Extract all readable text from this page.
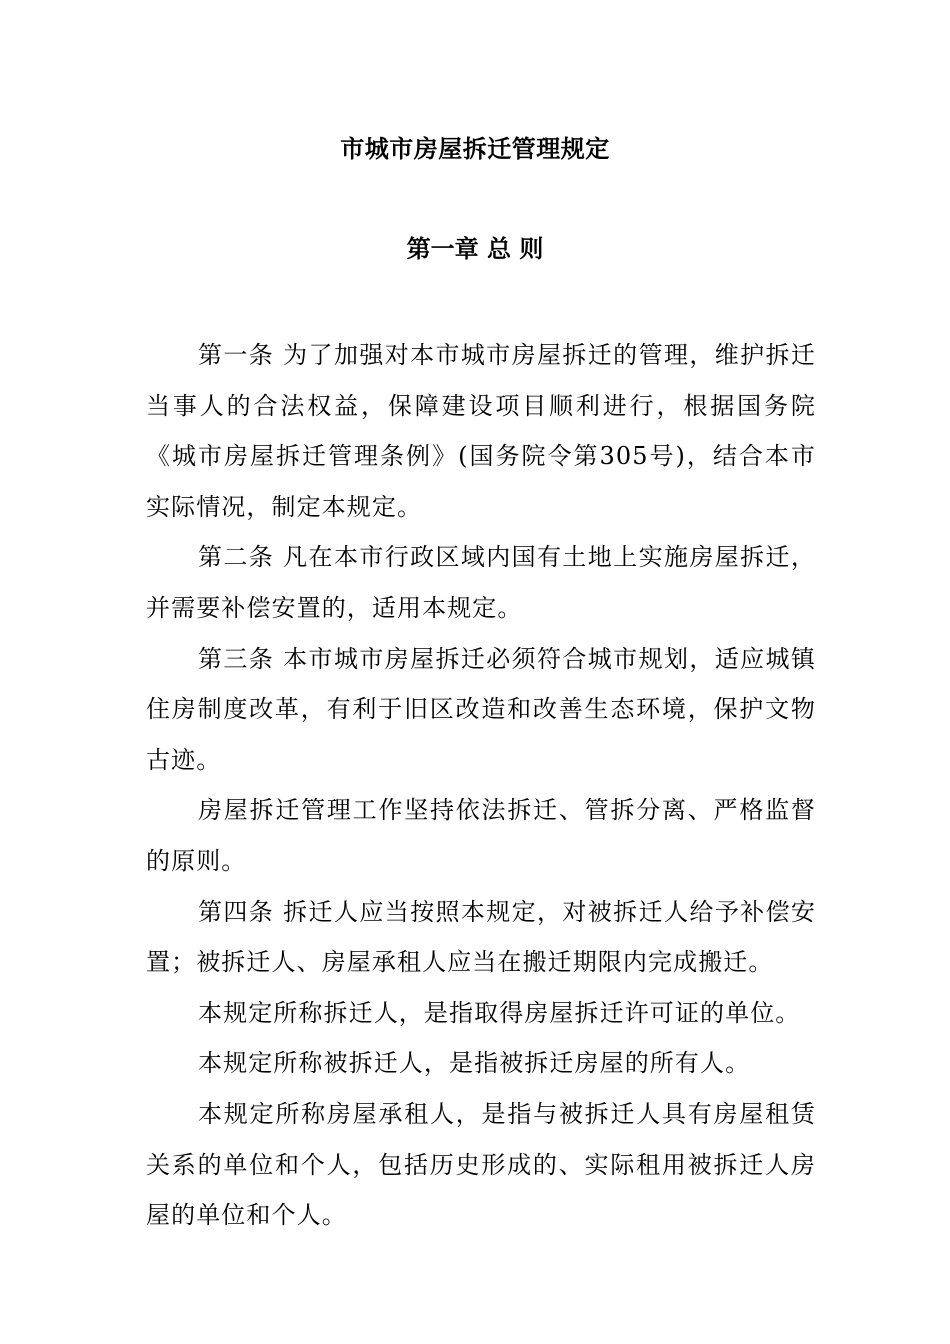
市城市房屋拆迁管理规定
第一章 总 则

第一条 为了加强对本市城市房屋拆迁的管理，维护拆迁当事人的合法权益，保障建设项目顺利进行，根据国务院《城市房屋拆迁管理条例》(国务院令第305号)，结合本市实际情况，制定本规定。

第二条 凡在本市行政区域内国有土地上实施房屋拆迁，并需要补偿安置的，适用本规定。

第三条 本市城市房屋拆迁必须符合城市规划，适应城镇住房制度改革，有利于旧区改造和改善生态环境，保护文物古迹。

房屋拆迁管理工作坚持依法拆迁、管拆分离、严格监督的原则。

第四条 拆迁人应当按照本规定，对被拆迁人给予补偿安置；被拆迁人、房屋承租人应当在搬迁期限内完成搬迁。

本规定所称拆迁人，是指取得房屋拆迁许可证的单位。

本规定所称被拆迁人，是指被拆迁房屋的所有人。

本规定所称房屋承租人，是指与被拆迁人具有房屋租赁关系的单位和个人，包括历史形成的、实际租用被拆迁人房屋的单位和个人。
